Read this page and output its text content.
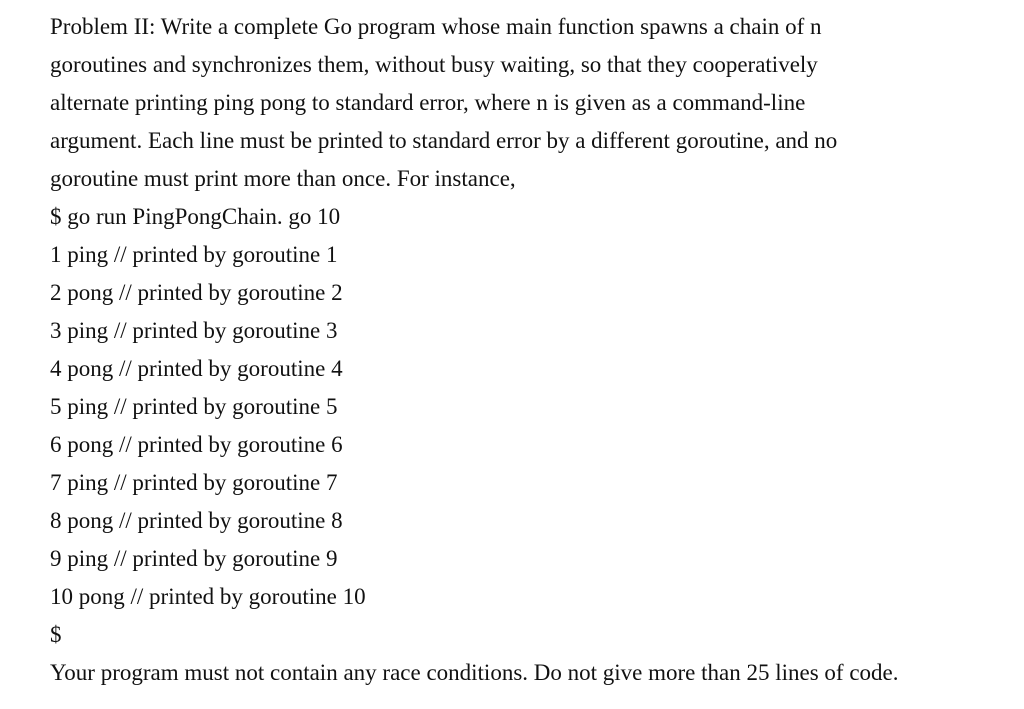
Problem II: Write a complete Go program whose main function spawns a chain of n
goroutines and synchronizes them, without busy waiting, so that they cooperatively
alternate printing ping pong to standard error, where n is given as a command-line
argument. Each line must be printed to standard error by a different goroutine, and no
goroutine must print more than once. For instance,
$ go run PingPongChain. go 10
1 ping // printed by goroutine 1
2 pong // printed by goroutine 2
3 ping // printed by goroutine 3
4 pong // printed by goroutine 4
5 ping // printed by goroutine 5
6 pong // printed by goroutine 6
7 ping // printed by goroutine 7
8 pong // printed by goroutine 8
9 ping // printed by goroutine 9
10 pong // printed by goroutine 10
$
Your program must not contain any race conditions. Do not give more than 25 lines of code.
